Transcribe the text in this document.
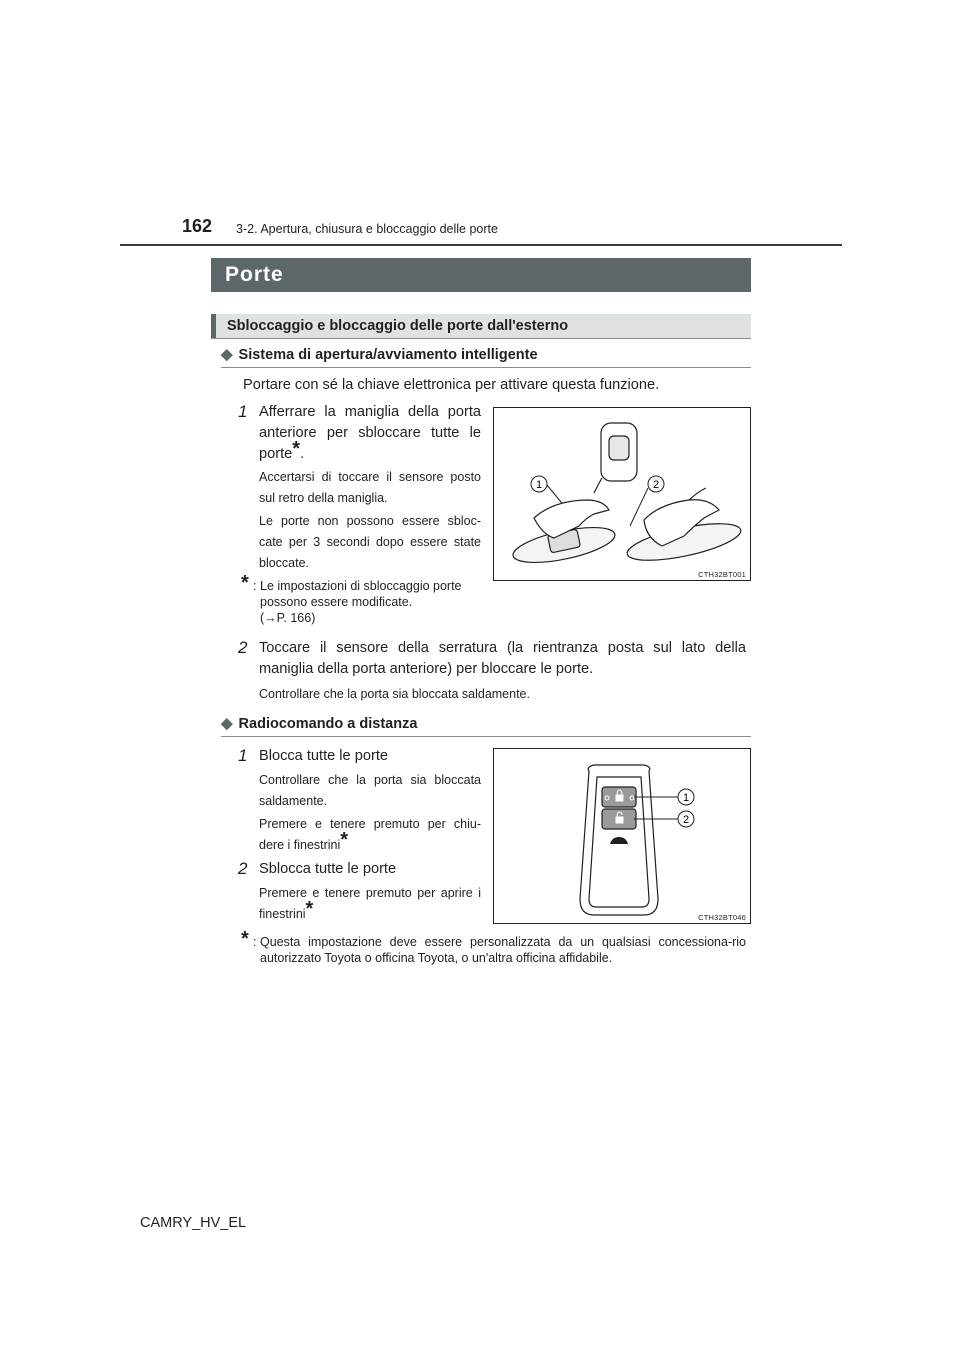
162 3-2. Apertura, chiusura e bloccaggio delle porte
Porte
Sbloccaggio e bloccaggio delle porte dall'esterno
◆ Sistema di apertura/avviamento intelligente
Portare con sé la chiave elettronica per attivare questa funzione.
1 Afferrare la maniglia della porta anteriore per sbloccare tutte le porte*.
Accertarsi di toccare il sensore posto sul retro della maniglia.
Le porte non possono essere sbloc-cate per 3 secondi dopo essere state bloccate.
* : Le impostazioni di sbloccaggio porte possono essere modificate.
(→P. 166)
1	2
CTH32BT001
2 Toccare il sensore della serratura (la rientranza posta sul lato della maniglia della porta anteriore) per bloccare le porte.
Controllare che la porta sia bloccata saldamente.
◆ Radiocomando a distanza
1 Blocca tutte le porte
Controllare che la porta sia bloccata saldamente.
Premere e tenere premuto per chiu-dere i finestrini*
2 Sblocca tutte le porte
Premere e tenere premuto per aprire i finestrini*
1
2
CTH32BT046
* : Questa impostazione deve essere personalizzata da un qualsiasi concessiona-rio autorizzato Toyota o officina Toyota, o un'altra officina affidabile.
CAMRY_HV_EL
